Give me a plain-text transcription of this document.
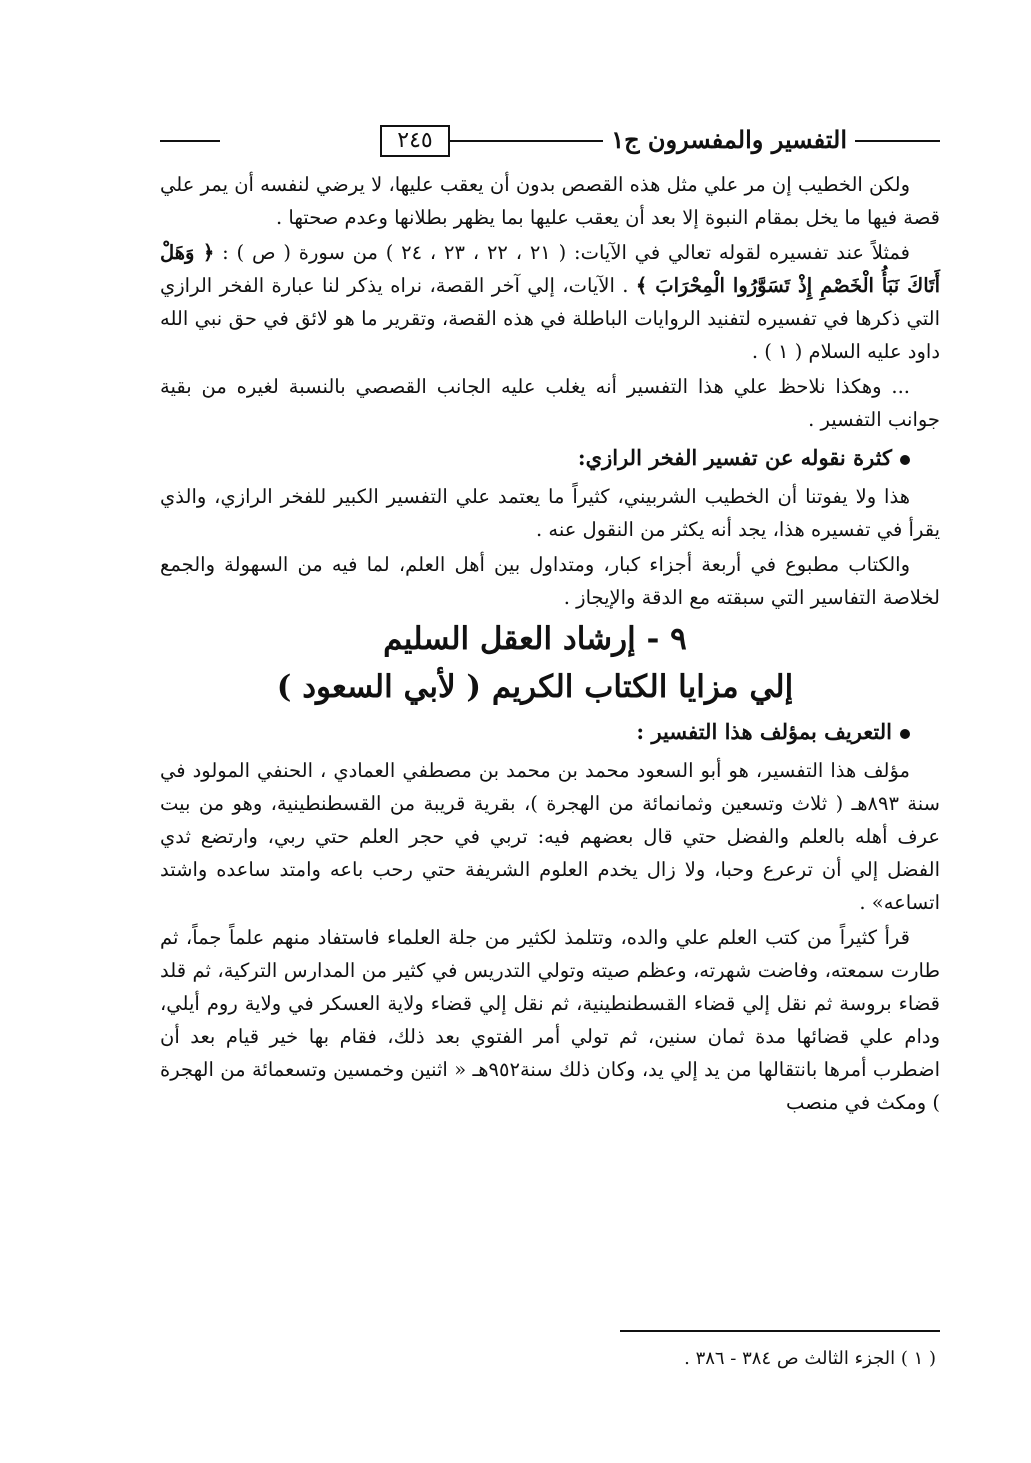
٢٤٥	التفسير والمفسرون ج١

ولكن الخطيب إن مر علي مثل هذه القصص بدون أن يعقب عليها، لا يرضي لنفسه أن يمر علي قصة فيها ما يخل بمقام النبوة إلا بعد أن يعقب عليها بما يظهر بطلانها وعدم صحتها .

فمثلاً عند تفسيره لقوله تعالي في الآيات: ( ٢١ ، ٢٢ ، ٢٣ ، ٢٤ ) من سورة ( ص ) : ﴿ وَهَلْ أَتَاكَ نَبَأُ الْخَصْمِ إِذْ تَسَوَّرُوا الْمِحْرَابَ ﴾ . الآيات، إلي آخر القصة، نراه يذكر لنا عبارة الفخر الرازي التي ذكرها في تفسيره لتفنيد الروايات الباطلة في هذه القصة، وتقرير ما هو لائق في حق نبي الله داود عليه السلام ( ١ ) .

... وهكذا نلاحظ علي هذا التفسير أنه يغلب عليه الجانب القصصي بالنسبة لغيره من بقية جوانب التفسير .

كثرة نقوله عن تفسير الفخر الرازي:

هذا ولا يفوتنا أن الخطيب الشربيني، كثيراً ما يعتمد علي التفسير الكبير للفخر الرازي، والذي يقرأ في تفسيره هذا، يجد أنه يكثر من النقول عنه .

والكتاب مطبوع في أربعة أجزاء كبار، ومتداول بين أهل العلم، لما فيه من السهولة والجمع لخلاصة التفاسير التي سبقته مع الدقة والإيجاز .

٩ - إرشاد العقل السليم

إلي مزايا الكتاب الكريم ( لأبي السعود )

التعريف بمؤلف هذا التفسير :

مؤلف هذا التفسير، هو أبو السعود محمد بن محمد بن مصطفي العمادي ، الحنفي المولود في سنة ٨٩٣هـ ( ثلاث وتسعين وثمانمائة من الهجرة )، بقرية قريبة من القسطنطينية، وهو من بيت عرف أهله بالعلم والفضل حتي قال بعضهم فيه: تربي في حجر العلم حتي ربي، وارتضع ثدي الفضل إلي أن ترعرع وحبا، ولا زال يخدم العلوم الشريفة حتي رحب باعه وامتد ساعده واشتد اتساعه» .

قرأ كثيراً من كتب العلم علي والده، وتتلمذ لكثير من جلة العلماء فاستفاد منهم علماً جماً، ثم طارت سمعته، وفاضت شهرته، وعظم صيته وتولي التدريس في كثير من المدارس التركية، ثم قلد قضاء بروسة ثم نقل إلي قضاء القسطنطينية، ثم نقل إلي قضاء ولاية العسكر في ولاية روم أيلي، ودام علي قضائها مدة ثمان سنين، ثم تولي أمر الفتوي بعد ذلك، فقام بها خير قيام بعد أن اضطرب أمرها بانتقالها من يد إلي يد، وكان ذلك سنة٩٥٢هـ « اثنين وخمسين وتسعمائة من الهجرة ) ومكث في منصب

( ١ ) الجزء الثالث ص ٣٨٤ - ٣٨٦ .
